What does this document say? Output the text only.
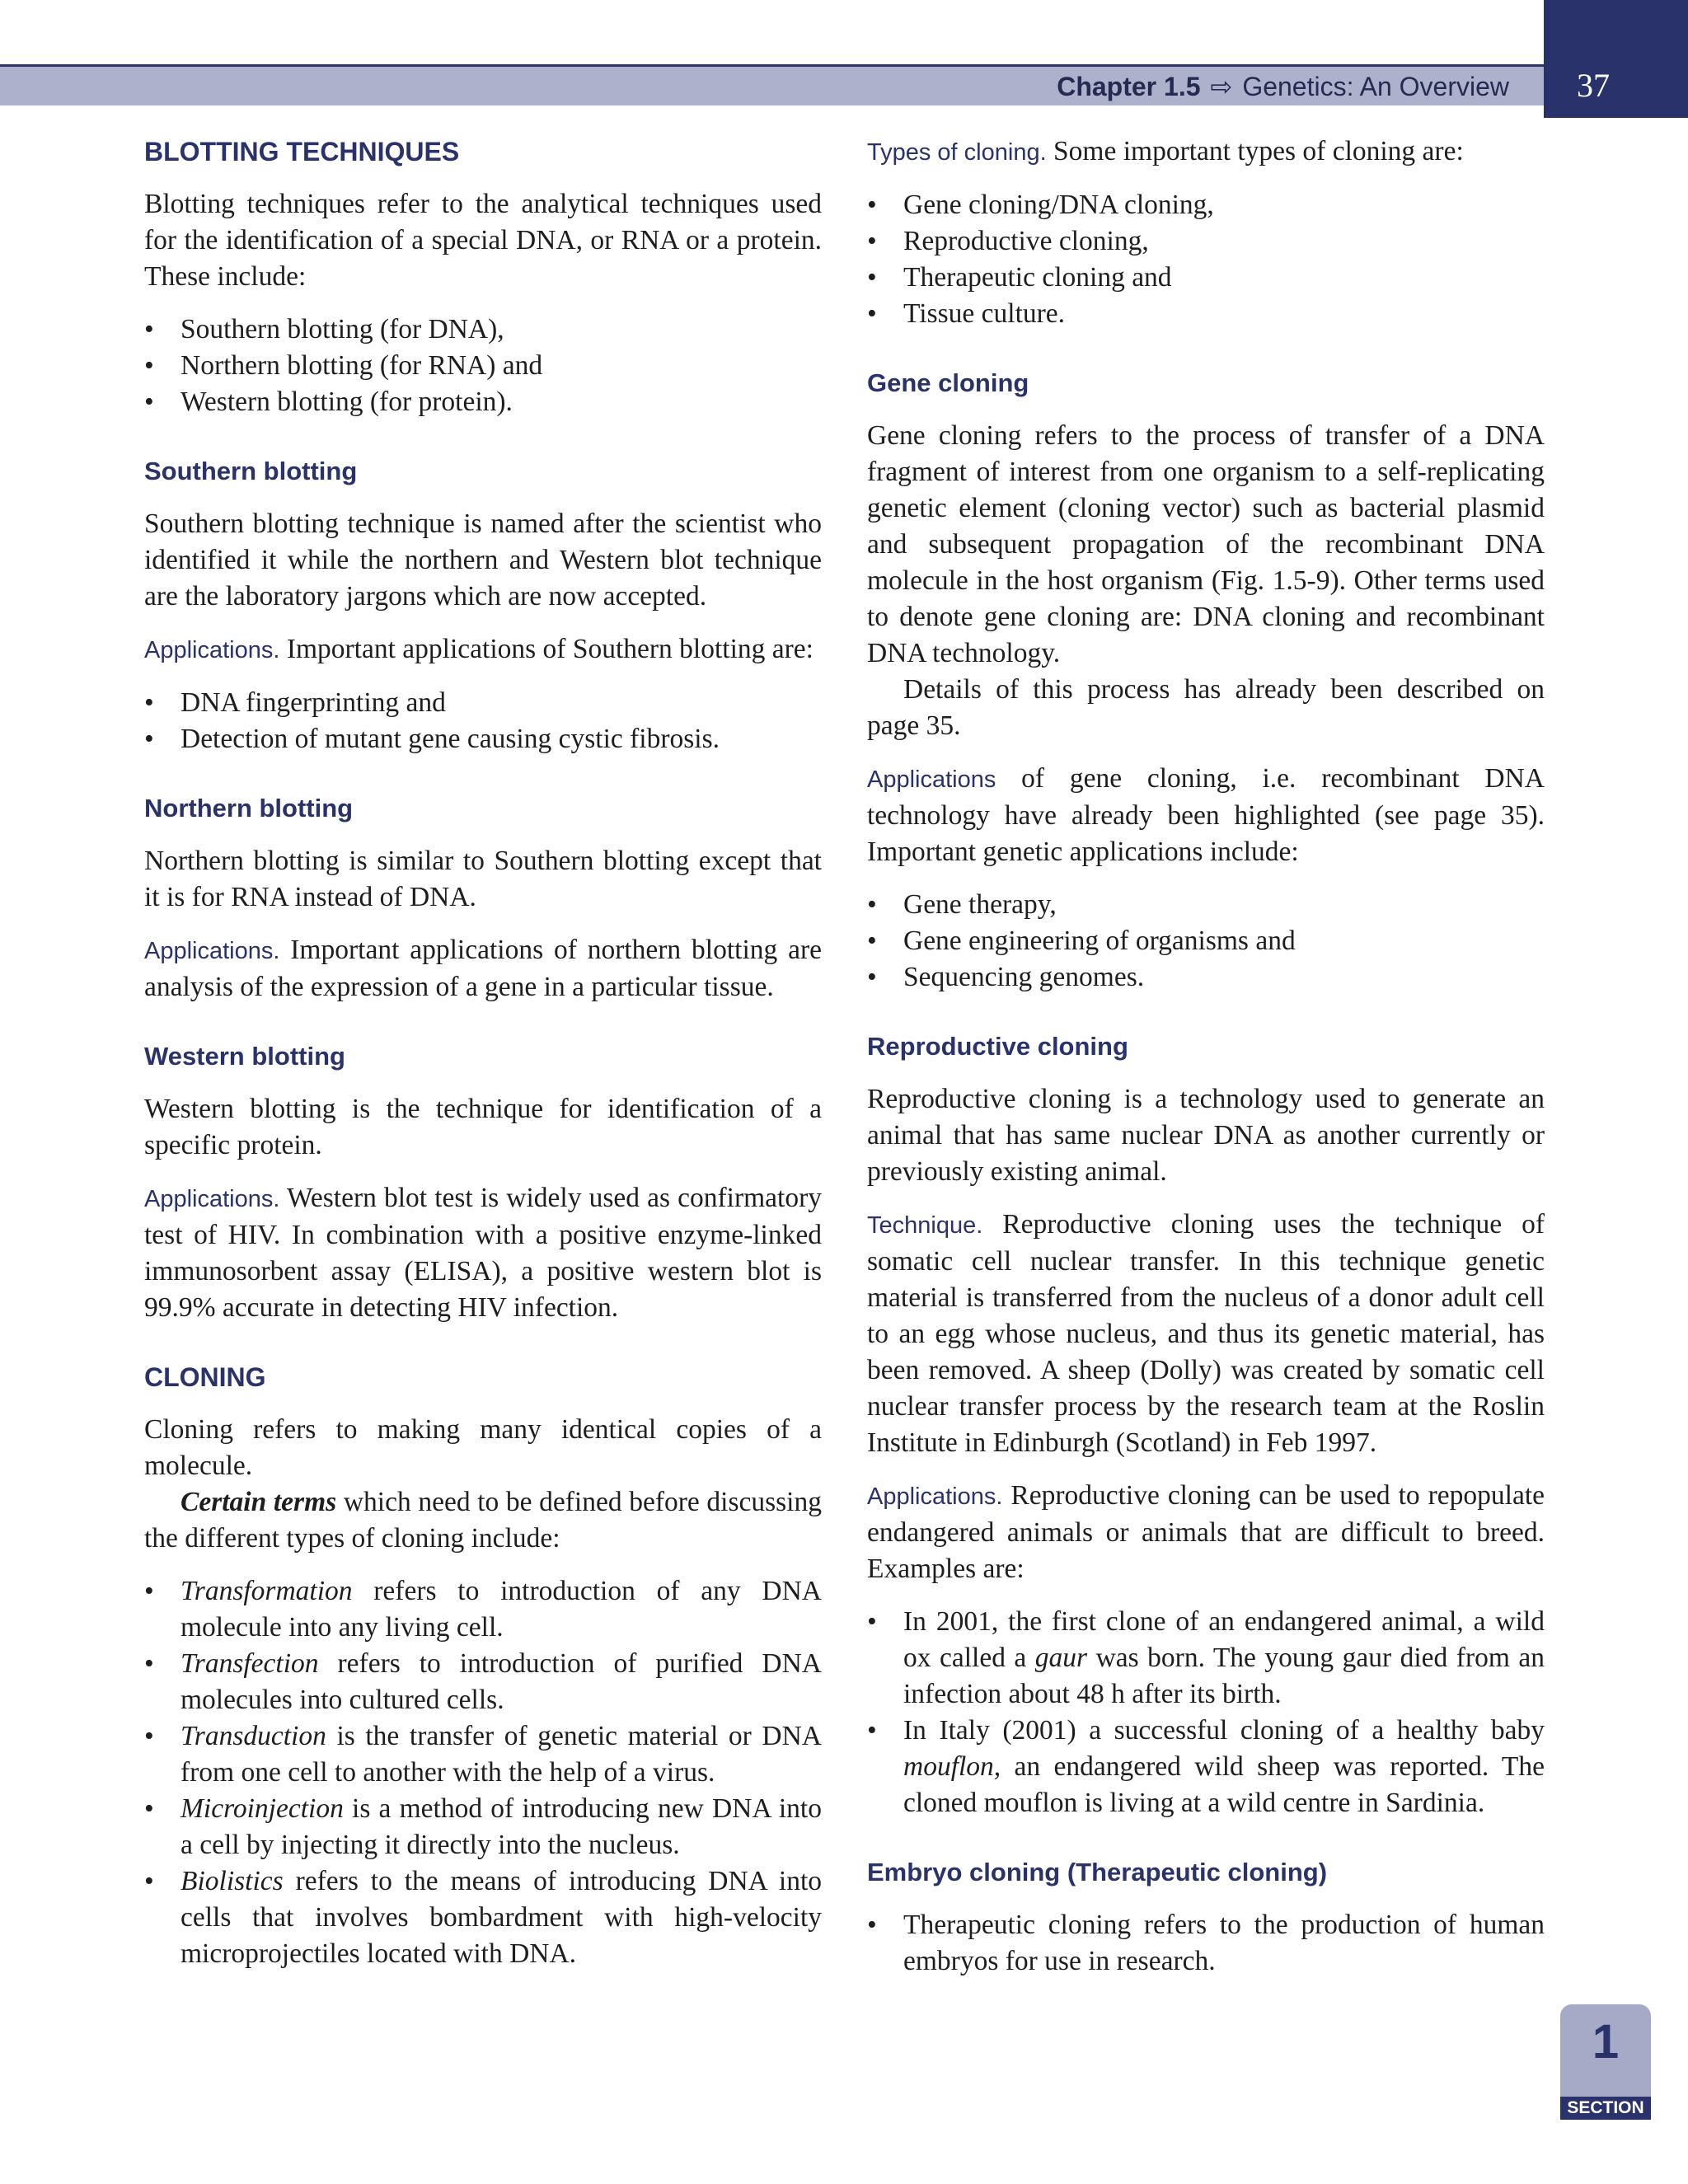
Chapter 1.5 ⇨ Genetics: An Overview 37
BLOTTING TECHNIQUES

Blotting techniques refer to the analytical techniques used for the identification of a special DNA, or RNA or a protein. These include:

• Southern blotting (for DNA),
• Northern blotting (for RNA) and
• Western blotting (for protein).
Southern blotting

Southern blotting technique is named after the scientist who identified it while the northern and Western blot technique are the laboratory jargons which are now accepted.

Applications. Important applications of Southern blotting are:

• DNA fingerprinting and
• Detection of mutant gene causing cystic fibrosis.
Northern blotting

Northern blotting is similar to Southern blotting except that it is for RNA instead of DNA.

Applications. Important applications of northern blotting are analysis of the expression of a gene in a particular tissue.

Western blotting

Western blotting is the technique for identification of a specific protein.

Applications. Western blot test is widely used as confirmatory test of HIV. In combination with a positive enzyme-linked immunosorbent assay (ELISA), a positive western blot is 99.9% accurate in detecting HIV infection.

CLONING

Cloning refers to making many identical copies of a molecule.

Certain terms which need to be defined before discussing the different types of cloning include:

• Transformation refers to introduction of any DNA molecule into any living cell.
• Transfection refers to introduction of purified DNA molecules into cultured cells.
• Transduction is the transfer of genetic material or DNA from one cell to another with the help of a virus.
• Microinjection is a method of introducing new DNA into a cell by injecting it directly into the nucleus.
• Biolistics refers to the means of introducing DNA into cells that involves bombardment with high-velocity microprojectiles located with DNA.

Types of cloning. Some important types of cloning are:

• Gene cloning/DNA cloning,
• Reproductive cloning,
• Therapeutic cloning and
• Tissue culture.
Gene cloning

Gene cloning refers to the process of transfer of a DNA fragment of interest from one organism to a self-replicating genetic element (cloning vector) such as bacterial plasmid and subsequent propagation of the recombinant DNA molecule in the host organism (Fig. 1.5-9). Other terms used to denote gene cloning are: DNA cloning and recombinant DNA technology.

Details of this process has already been described on page 35.

Applications of gene cloning, i.e. recombinant DNA technology have already been highlighted (see page 35). Important genetic applications include:

• Gene therapy,
• Gene engineering of organisms and
• Sequencing genomes.
Reproductive cloning

Reproductive cloning is a technology used to generate an animal that has same nuclear DNA as another currently or previously existing animal.

Technique. Reproductive cloning uses the technique of somatic cell nuclear transfer. In this technique genetic material is transferred from the nucleus of a donor adult cell to an egg whose nucleus, and thus its genetic material, has been removed. A sheep (Dolly) was created by somatic cell nuclear transfer process by the research team at the Roslin Institute in Edinburgh (Scotland) in Feb 1997.

Applications. Reproductive cloning can be used to repopulate endangered animals or animals that are difficult to breed. Examples are:

• In 2001, the first clone of an endangered animal, a wild ox called a gaur was born. The young gaur died from an infection about 48 h after its birth.
• In Italy (2001) a successful cloning of a healthy baby mouflon, an endangered wild sheep was reported. The cloned mouflon is living at a wild centre in Sardinia.
Embryo cloning (Therapeutic cloning)
• Therapeutic cloning refers to the production of human embryos for use in research.
1
SECTION
